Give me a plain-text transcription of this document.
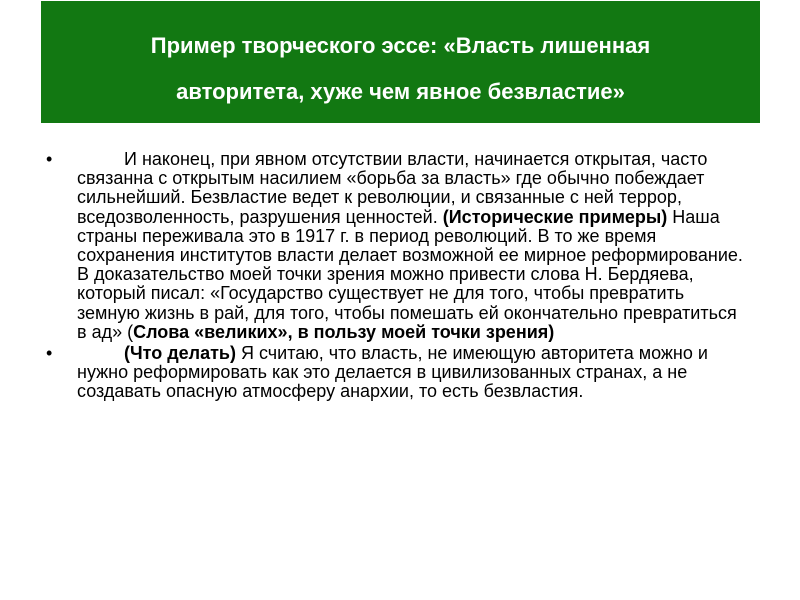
Пример творческого эссе: «Власть лишенная

авторитета, хуже чем явное безвластие»

•	И наконец, при явном отсутствии власти, начинается открытая, часто связанна с открытым насилием «борьба за власть» где обычно побеждает сильнейший. Безвластие ведет к революции, и связанные с ней террор, вседозволенность, разрушения ценностей. (Исторические примеры) Наша страны переживала это в 1917 г. в период революций. В то же время сохранения институтов власти делает возможной ее мирное реформирование. В доказательство моей точки зрения можно привести слова Н. Бердяева, который писал: «Государство существует не для того, чтобы превратить земную жизнь в рай, для того, чтобы помешать ей окончательно превратиться в ад» (Слова «великих», в пользу моей точки зрения)

•	(Что делать) Я считаю, что власть, не имеющую авторитета можно и нужно реформировать как это делается в цивилизованных странах, а не создавать опасную атмосферу анархии, то есть безвластия.
